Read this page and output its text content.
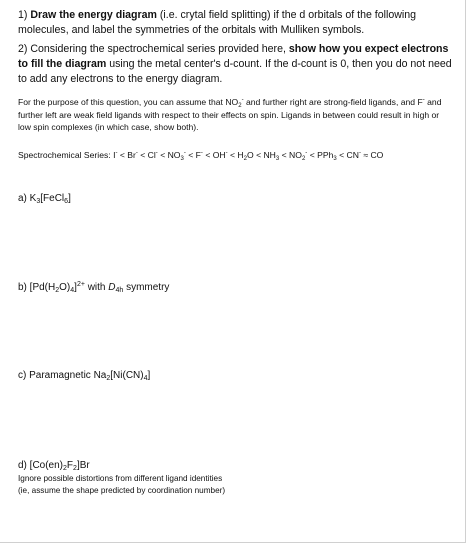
1) Draw the energy diagram (i.e. crytal field splitting) if the d orbitals of the following molecules, and label the symmetries of the orbitals with Mulliken symbols.
2) Considering the spectrochemical series provided here, show how you expect electrons to fill the diagram using the metal center's d-count. If the d-count is 0, then you do not need to add any electrons to the energy diagram.
For the purpose of this question, you can assume that $NO_2^-$ and further right are strong-field ligands, and F- and further left are weak field ligands with respect to their effects on spin. Ligands in between could result in high or low spin complexes (in which case, show both).
Spectrochemical Series: $I^- < Br^- < Cl^- < NO_3^- < F^- < OH^- < H_2O < NH_3 < NO_2^- < PPh_3 < CN^-$ ≈ CO
a) $K_3[FeCl_6]$
b) $[Pd(H_2O)_4]^{2+}$ with $D_{4h}$ symmetry
c) Paramagnetic $Na_2[Ni(CN)_4]$
d) $[Co(en)_2F_2]Br$
Ignore possible distortions from different ligand identities
(ie, assume the shape predicted by coordination number)
